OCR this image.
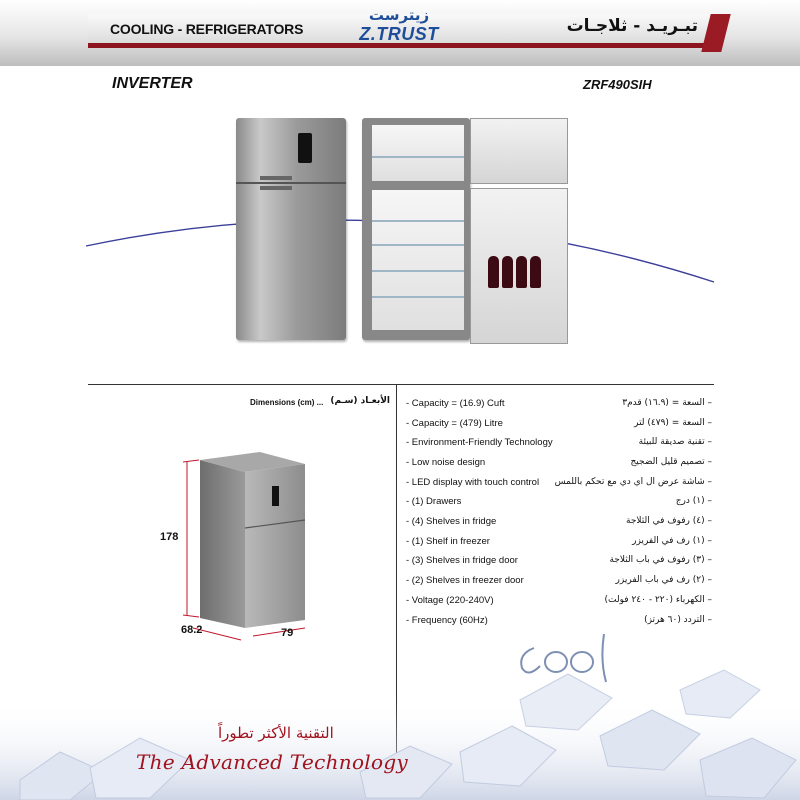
COOLING - REFRIGERATORS	تبـريـد - ثلاجـات
زيترست
Z.TRUST
INVERTER	ZRF490SIH
Dimensions (cm) ... الأبعـاد (سـم)
178
68.2	79
- Capacity = (16.9) Cuft	– السعة = (١٦.٩) قدم٣
- Capacity = (479) Litre	– السعة = (٤٧٩) لتر
- Environment-Friendly Technology	– تقنية صديقة للبيئة
- Low noise design	– تصميم قليل الضجيج
- LED display with touch control	– شاشة عرض ال اي دي مع تحكم باللمس
- (1) Drawers	– (١) درج
- (4) Shelves in fridge	– (٤) رفوف في الثلاجة
- (1) Shelf in freezer	– (١) رف في الفريزر
- (3) Shelves in fridge door	– (٣) رفوف في باب الثلاجة
- (2) Shelves in freezer door	– (٢) رف في باب الفريزر
- Voltage (220-240V)	– الكهرباء (٢٢٠ - ٢٤٠ فولت)
- Frequency (60Hz)	– التردد (٦٠ هرتز)
التقنية الأكثر تطوراً
The Advanced Technology
